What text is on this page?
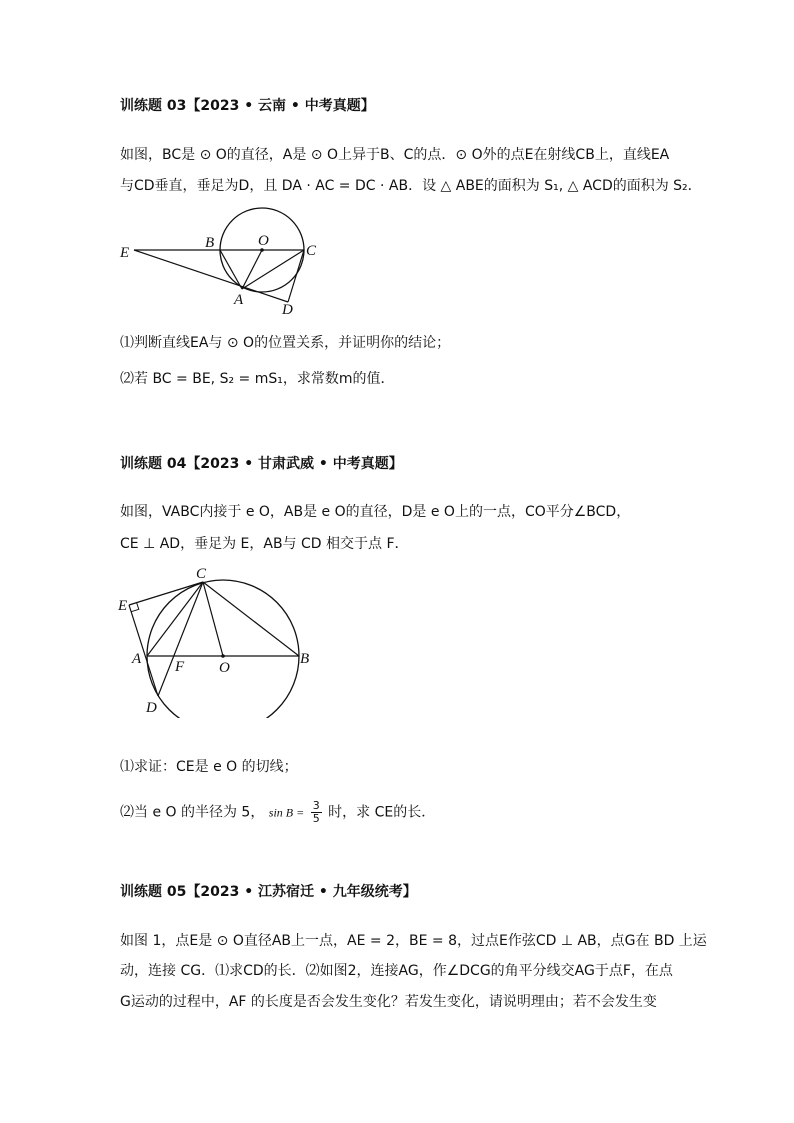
训练题 03【2023 • 云南 • 中考真题】
如图，BC是 ⊙ O的直径，A是 ⊙ O上异于B、C的点．⊙ O外的点E在射线CB上，直线EA
与CD垂直，垂足为D，且 DA · AC = DC · AB．设 △ ABE的面积为 S₁, △ ACD的面积为 S₂．
E
B	O
C
A
D
⑴判断直线EA与 ⊙ O的位置关系，并证明你的结论；
⑵若 BC = BE, S₂ = mS₁，求常数m的值．
训练题 04【2023 • 甘肃武威 • 中考真题】
如图，VABC内接于 e O，AB是 e O的直径，D是 e O上的一点，CO平分∠BCD，
CE ⊥ AD，垂足为 E，AB与 CD 相交于点 F．
C
E
A F O
B
D
⑴求证：CE是 e O 的切线；
⑵当 e O 的半径为 5， $\sin B = \frac{3}{5}$ 时，求 CE的长．
训练题 05【2023 • 江苏宿迁 • 九年级统考】
如图 1，点E是 ⊙ O直径AB上一点，AE = 2，BE = 8，过点E作弦CD ⊥ AB，点G在 BD 上运
动，连接 CG．⑴求CD的长．⑵如图2，连接AG，作∠DCG的角平分线交AG于点F，在点
G运动的过程中，AF 的长度是否会发生变化？若发生变化，请说明理由；若不会发生变
